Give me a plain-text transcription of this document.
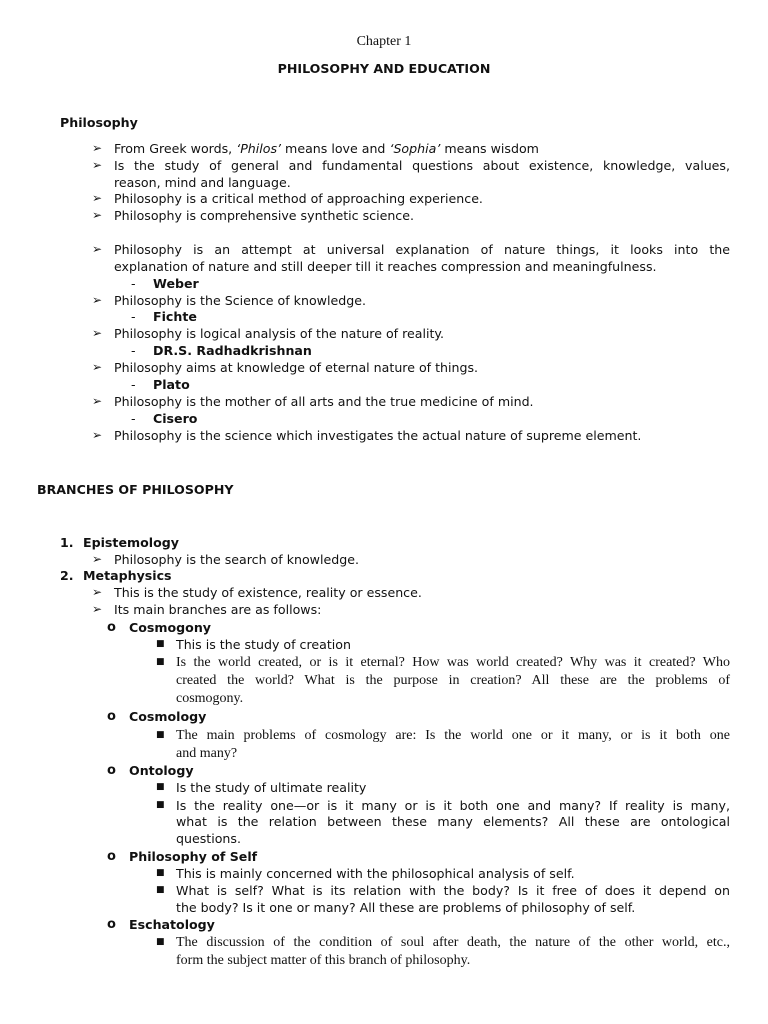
Chapter 1
PHILOSOPHY AND EDUCATION
Philosophy
➢ From Greek words, ‘Philos’ means love and ‘Sophia’ means wisdom
➢ Is the study of general and fundamental questions about existence, knowledge, values,
reason, mind and language.
➢ Philosophy is a critical method of approaching experience.
➢ Philosophy is comprehensive synthetic science.
➢ Philosophy is an attempt at universal explanation of nature things, it looks into the
explanation of nature and still deeper till it reaches compression and meaningfulness.
- Weber
➢ Philosophy is the Science of knowledge.
- Fichte
➢ Philosophy is logical analysis of the nature of reality.
- DR.S. Radhadkrishnan
➢ Philosophy aims at knowledge of eternal nature of things.
- Plato
➢ Philosophy is the mother of all arts and the true medicine of mind.
- Cisero
➢ Philosophy is the science which investigates the actual nature of supreme element.
BRANCHES OF PHILOSOPHY
1. Epistemology
➢ Philosophy is the search of knowledge.
2. Metaphysics
➢ This is the study of existence, reality or essence.
➢ Its main branches are as follows:
o Cosmogony
■ This is the study of creation
■ Is the world created, or is it eternal? How was world created? Why was it created? Who
created the world? What is the purpose in creation? All these are the problems of
cosmogony.
o Cosmology
■ The main problems of cosmology are: Is the world one or it many, or is it both one
and many?
o Ontology
■ Is the study of ultimate reality
■ Is the reality one—or is it many or is it both one and many? If reality is many,
what is the relation between these many elements? All these are ontological
questions.
o Philosophy of Self
■ This is mainly concerned with the philosophical analysis of self.
■ What is self? What is its relation with the body? Is it free of does it depend on
the body? Is it one or many? All these are problems of philosophy of self.
o Eschatology
■ The discussion of the condition of soul after death, the nature of the other world, etc.,
form the subject matter of this branch of philosophy.
